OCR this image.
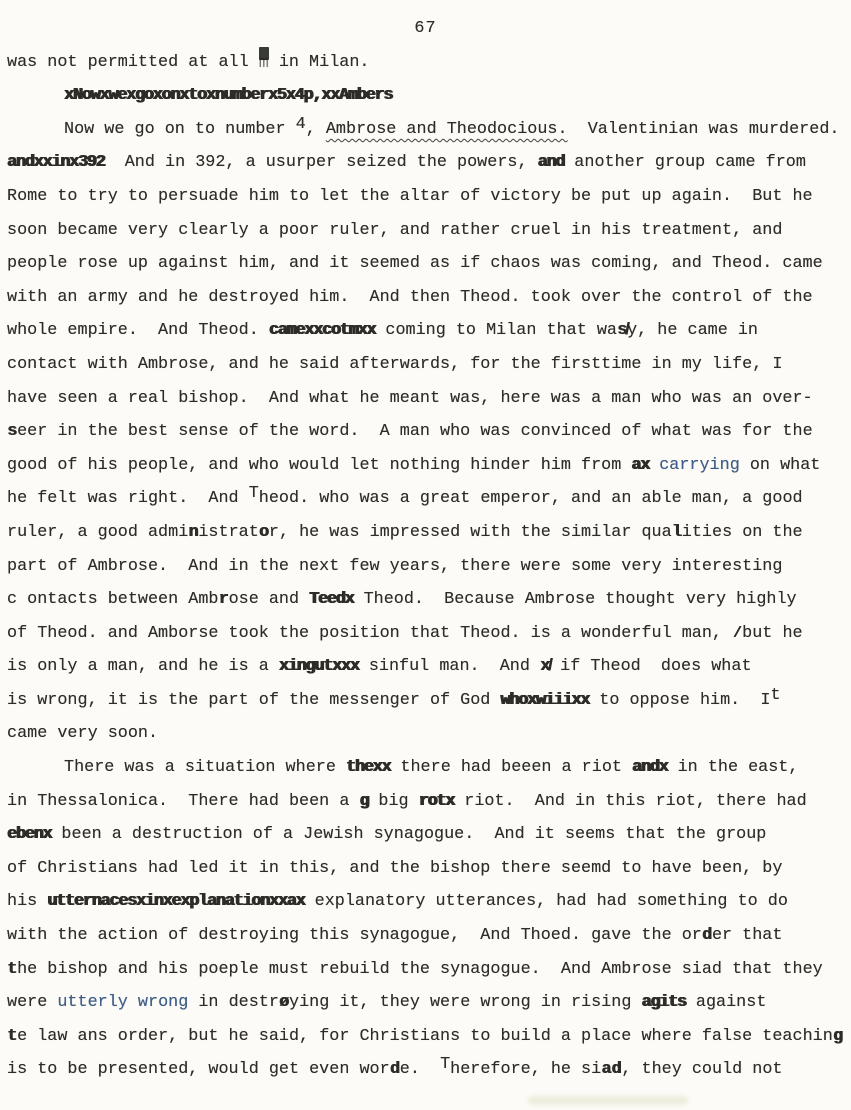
67
was not permitted at all m in Milan.
xNowxwexgoxonxtoxnumberx5x4p,xxAmbers
Now we go on to number 4, Ambrose and Theodocious.  Valentinian was murdered.
andxxinx392  And in 392, a usurper seized the powers, and another group came from
Rome to try to persuade him to let the altar of victory be put up again.  But he
soon became very clearly a poor ruler, and rather cruel in his treatment, and
people rose up against him, and it seemed as if chaos was coming, and Theod. came
with an army and he destroyed him.  And then Theod. took over the control of the
whole empire.  And Theod. camexxcotmxx coming to Milan that was̸y, he came in
contact with Ambrose, and he said afterwards, for the firsttime in my life, I
have seen a real bishop.  And what he meant was, here was a man who was an over-
seer in the best sense of the word.  A man who was convinced of what was for the
good of his people, and who would let nothing hinder him from ax carrying on what
he felt was right.  And Theod. who was a great emperor, and an able man, a good
ruler, a good administrator, he was impressed with the similar qualities on the
part of Ambrose.  And in the next few years, there were some very interesting
c ontacts between Ambrose and Teedx Theod.  Because Ambrose thought very highly
of Theod. and Amborse took the position that Theod. is a wonderful man, ∕but he
is only a man, and he is a xingutxxx sinful man.  And x̸ if Theod  does what
is wrong, it is the part of the messenger of God whoxwiiixx to oppose him.  It
came very soon.
There was a situation where thexx there had beeen a riot andx in the east,
in Thessalonica.  There had been a g big rotx riot.  And in this riot, there had
ebenx been a destruction of a Jewish synagogue.  And it seems that the group
of Christians had led it in this, and the bishop there seemd to have been, by
his utternacesxinxexplanationxxax explanatory utterances, had had something to do
with the action of destroying this synagogue,  And Thoed. gave the order that
the bishop and his poeple must rebuild the synagogue.  And Ambrose siad that they
were utterly wrong in destrøying it, they were wrong in rising agits against
te law ans order, but he said, for Christians to build a place where false teaching
is to be presented, would get even worde.  Therefore, he siad, they could not
